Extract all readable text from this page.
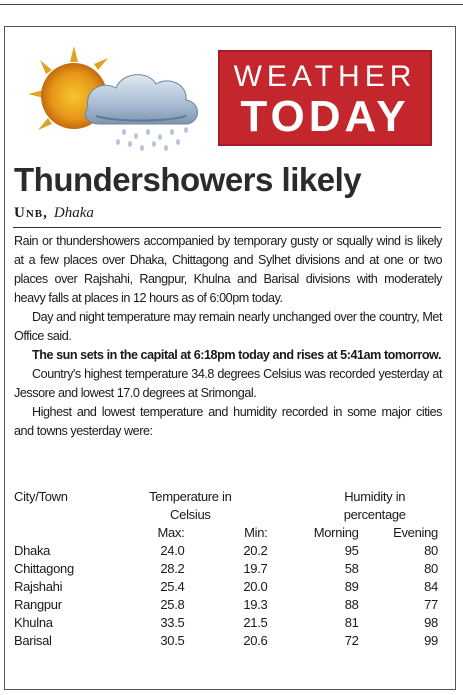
WEATHER
TODAY
Thundershowers likely
Unb, Dhaka

Rain or thundershowers accompanied by temporary gusty or squally wind is likely at a few places over Dhaka, Chittagong and Sylhet divisions and at one or two places over Rajshahi, Rangpur, Khulna and Barisal divisions with moderately heavy falls at places in 12 hours as of 6:00pm today.

Day and night temperature may remain nearly unchanged over the country, Met Office said.

The sun sets in the capital at 6:18pm today and rises at 5:41am tomorrow.

Country's highest temperature 34.8 degrees Celsius was recorded yesterday at Jessore and lowest 17.0 degrees at Srimongal.

Highest and lowest temperature and humidity recorded in some major cities and towns yesterday were:

City/Town	Temperature in		Humidity in	
	Celsius		percentage	
	Max:	Min:	Morning	Evening
Dhaka	24.0	20.2	95	80
Chittagong	28.2	19.7	58	80
Rajshahi	25.4	20.0	89	84
Rangpur	25.8	19.3	88	77
Khulna	33.5	21.5	81	98
Barisal	30.5	20.6	72	99
